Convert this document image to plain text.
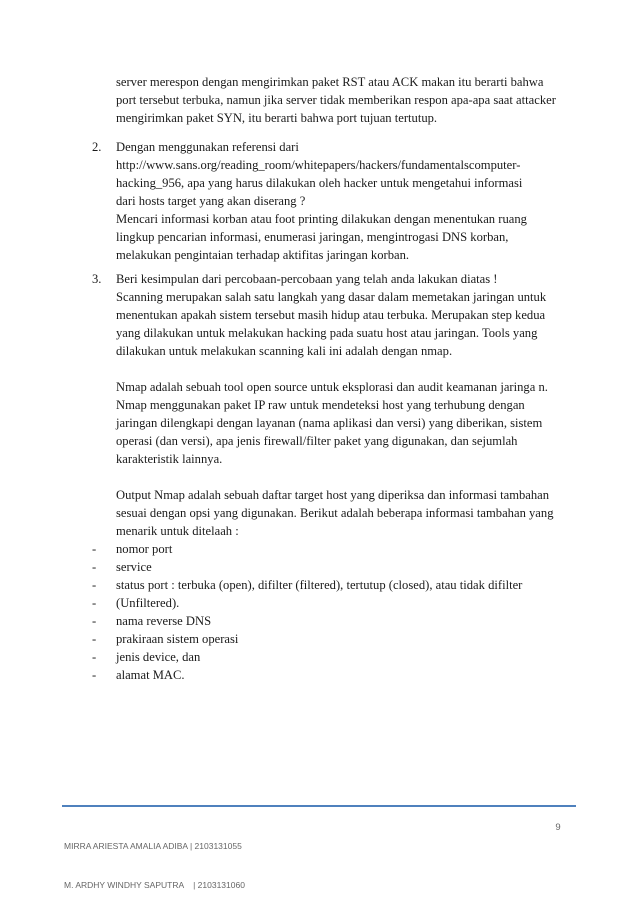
server merespon dengan mengirimkan paket RST atau ACK makan itu berarti bahwa
port tersebut terbuka, namun jika server tidak memberikan respon apa-apa saat attacker
mengirimkan paket SYN, itu berarti bahwa port tujuan tertutup.
2. Dengan menggunakan referensi dari
http://www.sans.org/reading_room/whitepapers/hackers/fundamentalscomputer-
hacking_956, apa yang harus dilakukan oleh hacker untuk mengetahui informasi
dari hosts target yang akan diserang ?
Mencari informasi korban atau foot printing dilakukan dengan menentukan ruang
lingkup pencarian informasi, enumerasi jaringan, mengintrogasi DNS korban,
melakukan pengintaian terhadap aktifitas jaringan korban.
3. Beri kesimpulan dari percobaan-percobaan yang telah anda lakukan diatas !
Scanning merupakan salah satu langkah yang dasar dalam memetakan jaringan untuk
menentukan apakah sistem tersebut masih hidup atau terbuka. Merupakan step kedua
yang dilakukan untuk melakukan hacking pada suatu host atau jaringan. Tools yang
dilakukan untuk melakukan scanning kali ini adalah dengan nmap.
Nmap adalah sebuah tool open source untuk eksplorasi dan audit keamanan jaringa n.
Nmap menggunakan paket IP raw untuk mendeteksi host yang terhubung dengan
jaringan dilengkapi dengan layanan (nama aplikasi dan versi) yang diberikan, sistem
operasi (dan versi), apa jenis firewall/filter paket yang digunakan, dan sejumlah
karakteristik lainnya.
Output Nmap adalah sebuah daftar target host yang diperiksa dan informasi tambahan
sesuai dengan opsi yang digunakan. Berikut adalah beberapa informasi tambahan yang
menarik untuk ditelaah :
- nomor port
- service
- status port : terbuka (open), difilter (filtered), tertutup (closed), atau tidak difilter
- (Unfiltered).
- nama reverse DNS
- prakiraan sistem operasi
- jenis device, dan
- alamat MAC.

MIRRA ARIESTA AMALIA ADIBA | 2103131055

M. ARDHY WINDHY SAPUTRA    | 2103131060

9
